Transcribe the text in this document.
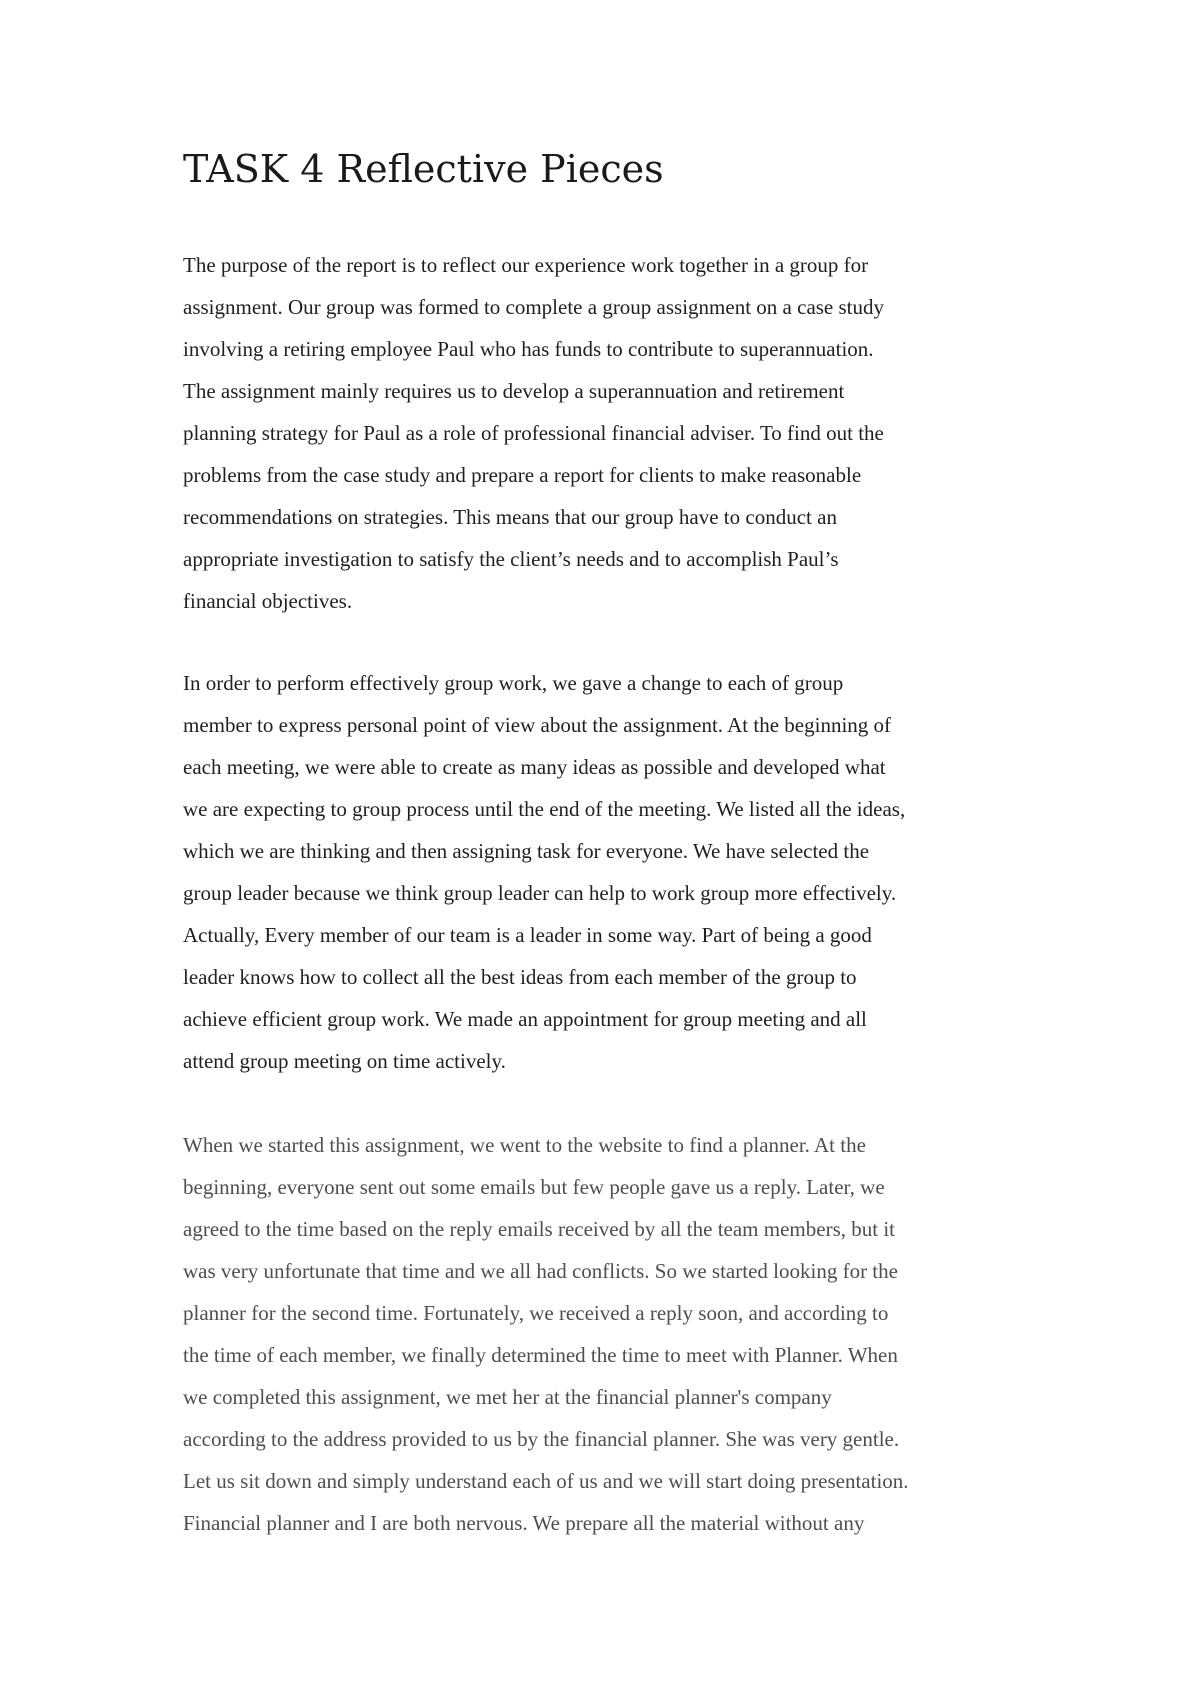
TASK 4 Reflective Pieces

The purpose of the report is to reflect our experience work together in a group for

assignment. Our group was formed to complete a group assignment on a case study

involving a retiring employee Paul who has funds to contribute to superannuation.

The assignment mainly requires us to develop a superannuation and retirement

planning strategy for Paul as a role of professional financial adviser. To find out the

problems from the case study and prepare a report for clients to make reasonable

recommendations on strategies. This means that our group have to conduct an

appropriate investigation to satisfy the client’s needs and to accomplish Paul’s

financial objectives.

In order to perform effectively group work, we gave a change to each of group

member to express personal point of view about the assignment. At the beginning of

each meeting, we were able to create as many ideas as possible and developed what

we are expecting to group process until the end of the meeting. We listed all the ideas,

which we are thinking and then assigning task for everyone. We have selected the

group leader because we think group leader can help to work group more effectively.

Actually, Every member of our team is a leader in some way. Part of being a good

leader knows how to collect all the best ideas from each member of the group to

achieve efficient group work. We made an appointment for group meeting and all

attend group meeting on time actively.

When we started this assignment, we went to the website to find a planner. At the

beginning, everyone sent out some emails but few people gave us a reply. Later, we

agreed to the time based on the reply emails received by all the team members, but it

was very unfortunate that time and we all had conflicts. So we started looking for the

planner for the second time. Fortunately, we received a reply soon, and according to

the time of each member, we finally determined the time to meet with Planner. When

we completed this assignment, we met her at the financial planner's company

according to the address provided to us by the financial planner. She was very gentle.

Let us sit down and simply understand each of us and we will start doing presentation.

Financial planner and I are both nervous. We prepare all the material without any
